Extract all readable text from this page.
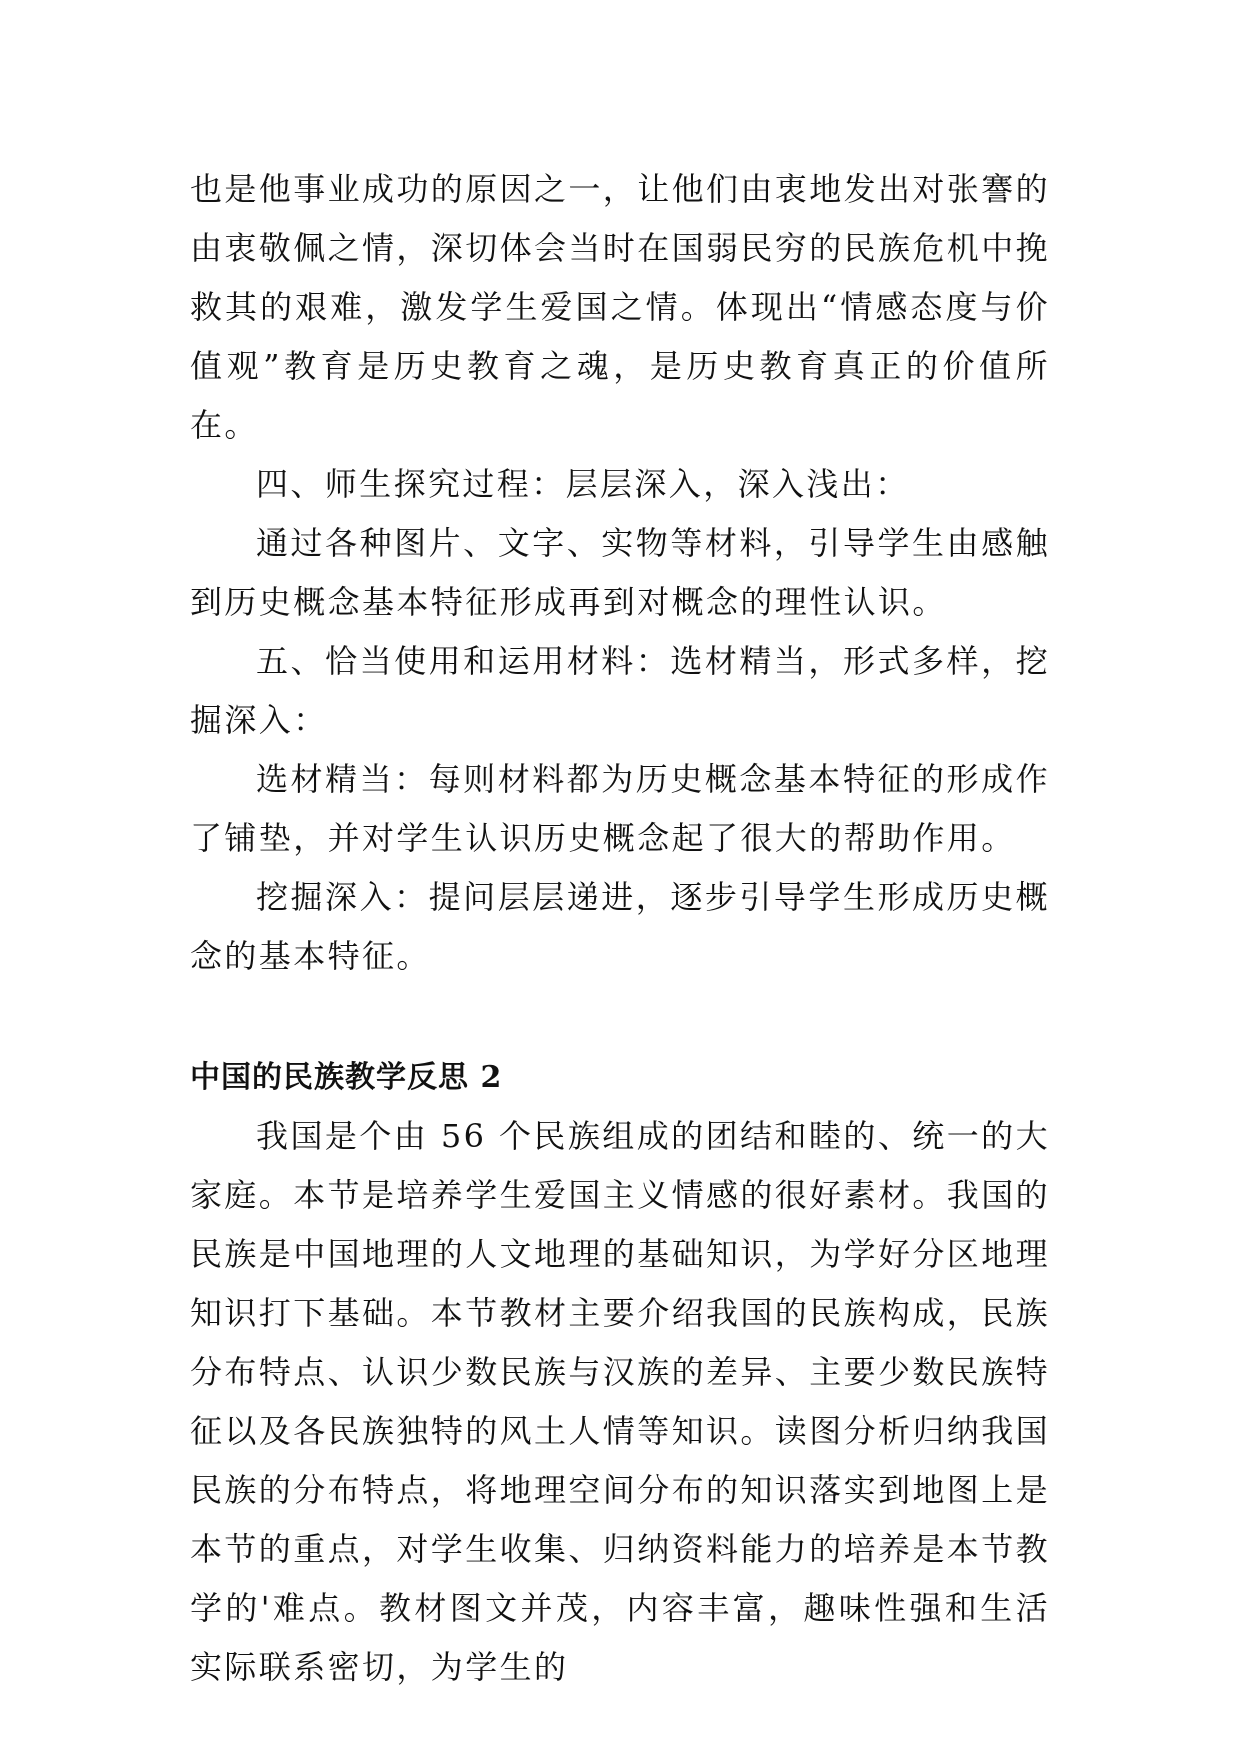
也是他事业成功的原因之一，让他们由衷地发出对张謇的由衷敬佩之情，深切体会当时在国弱民穷的民族危机中挽救其的艰难，激发学生爱国之情。体现出“情感态度与价值观”教育是历史教育之魂，是历史教育真正的价值所在。

四、师生探究过程：层层深入，深入浅出：

通过各种图片、文字、实物等材料，引导学生由感触到历史概念基本特征形成再到对概念的理性认识。

五、恰当使用和运用材料：选材精当，形式多样，挖掘深入：

选材精当：每则材料都为历史概念基本特征的形成作了铺垫，并对学生认识历史概念起了很大的帮助作用。

挖掘深入：提问层层递进，逐步引导学生形成历史概念的基本特征。

中国的民族教学反思 2

我国是个由 56 个民族组成的团结和睦的、统一的大家庭。本节是培养学生爱国主义情感的很好素材。我国的民族是中国地理的人文地理的基础知识，为学好分区地理知识打下基础。本节教材主要介绍我国的民族构成，民族分布特点、认识少数民族与汉族的差异、主要少数民族特征以及各民族独特的风土人情等知识。读图分析归纳我国民族的分布特点，将地理空间分布的知识落实到地图上是本节的重点，对学生收集、归纳资料能力的培养是本节教学的'难点。教材图文并茂，内容丰富，趣味性强和生活实际联系密切，为学生的
